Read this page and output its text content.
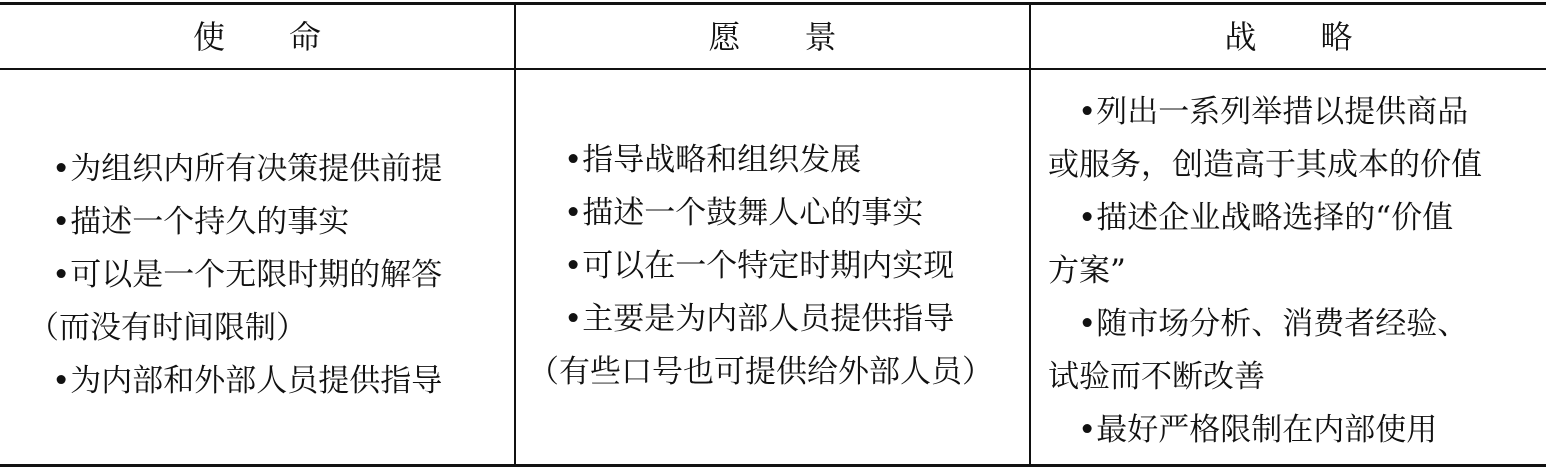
使　　命	愿　　景	战　　略
•为组织内所有决策提供前提
•描述一个持久的事实
•可以是一个无限时期的解答
（而没有时间限制）
•为内部和外部人员提供指导
•指导战略和组织发展
•描述一个鼓舞人心的事实
•可以在一个特定时期内实现
•主要是为内部人员提供指导
（有些口号也可提供给外部人员）
•列出一系列举措以提供商品
或服务，创造高于其成本的价值
•描述企业战略选择的“价值
方案”
•随市场分析、消费者经验、
试验而不断改善
•最好严格限制在内部使用
